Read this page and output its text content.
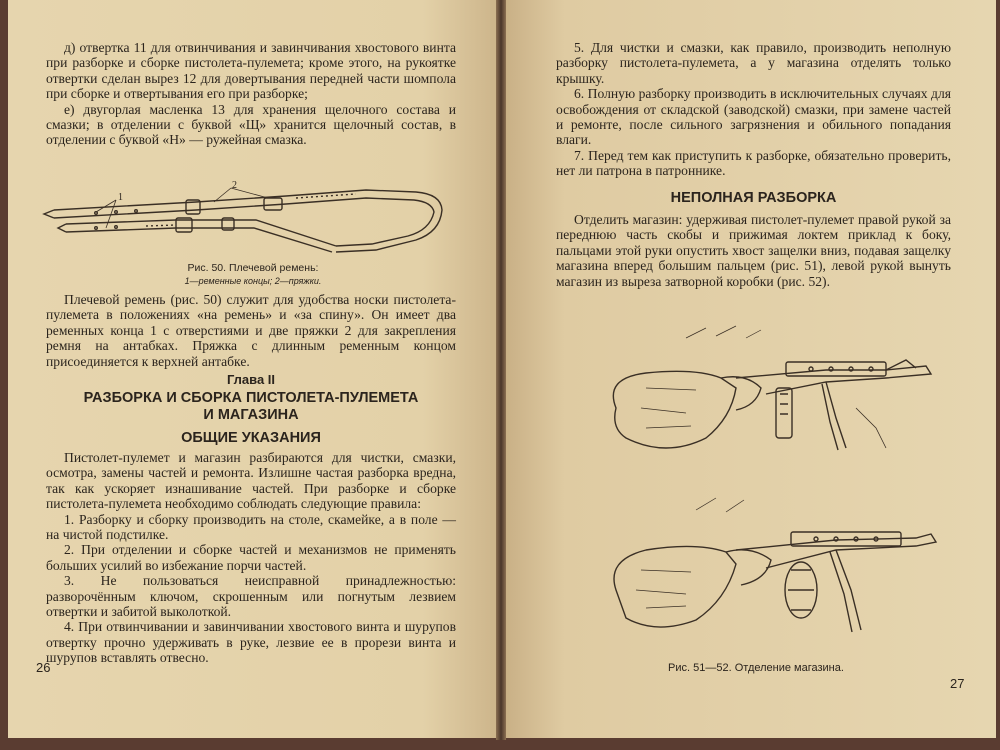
д) отвертка 11 для отвинчивания и завинчивания хвостового винта при разборке и сборке пистолета-пулемета; кроме этого, на рукоятке отвертки сделан вырез 12 для довертывания передней части шомпола при сборке и отвертывания его при разборке;

е) двугорлая масленка 13 для хранения щелочного состава и смазки; в отделении с буквой «Щ» хранится щелочный состав, в отделении с буквой «Н» — ружейная смазка.

2
1
Рис. 50. Плечевой ремень:
1—ременные концы; 2—пряжки.

Плечевой ремень (рис. 50) служит для удобства носки пистолета-пулемета в положениях «на ремень» и «за спину». Он имеет два ременных конца 1 с отверстиями и две пряжки 2 для закрепления ремня на антабках. Пряжка с длинным ременным концом присоединяется к верхней антабке.

Глава II
РАЗБОРКА И СБОРКА ПИСТОЛЕТА-ПУЛЕМЕТА
И МАГАЗИНА
ОБЩИЕ УКАЗАНИЯ

Пистолет-пулемет и магазин разбираются для чистки, смазки, осмотра, замены частей и ремонта. Излишне частая разборка вредна, так как ускоряет изнашивание частей. При разборке и сборке пистолета-пулемета необходимо соблюдать следующие правила:

1. Разборку и сборку производить на столе, скамейке, а в поле — на чистой подстилке.

2. При отделении и сборке частей и механизмов не применять больших усилий во избежание порчи частей.

3. Не пользоваться неисправной принадлежностью: разворочённым ключом, скрошенным или погнутым лезвием отвертки и забитой выколоткой.

4. При отвинчивании и завинчивании хвостового винта и шурупов отвертку прочно удерживать в руке, лезвие ее в прорези винта и шурупов вставлять отвесно.

26

5. Для чистки и смазки, как правило, производить неполную разборку пистолета-пулемета, а у магазина отделять только крышку.

6. Полную разборку производить в исключительных случаях для освобождения от складской (заводской) смазки, при замене частей и ремонте, после сильного загрязнения и обильного попадания влаги.

7. Перед тем как приступить к разборке, обязательно проверить, нет ли патрона в патроннике.

НЕПОЛНАЯ РАЗБОРКА

Отделить магазин: удерживая пистолет-пулемет правой рукой за переднюю часть скобы и прижимая локтем приклад к боку, пальцами этой руки опустить хвост защелки вниз, подавая защелку магазина вперед большим пальцем (рис. 51), левой рукой вынуть магазин из выреза затворной коробки (рис. 52).

Рис. 51—52. Отделение магазина.
27
